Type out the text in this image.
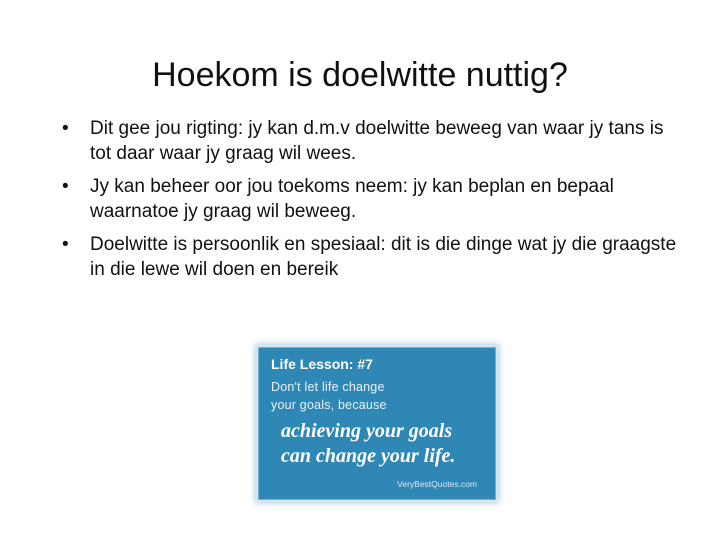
Hoekom is doelwitte nuttig?
• Dit gee jou rigting: jy kan d.m.v doelwitte beweeg van waar jy tans is tot daar waar jy graag wil wees.
• Jy kan beheer oor jou toekoms neem: jy kan beplan en bepaal waarnatoe jy graag wil beweeg.
• Doelwitte is persoonlik en spesiaal: dit is die dinge wat jy die graagste in die lewe wil doen en bereik
Life Lesson: #7
Don't let life change
your goals, because
achieving your goals
can change your life.
VeryBestQuotes.com
